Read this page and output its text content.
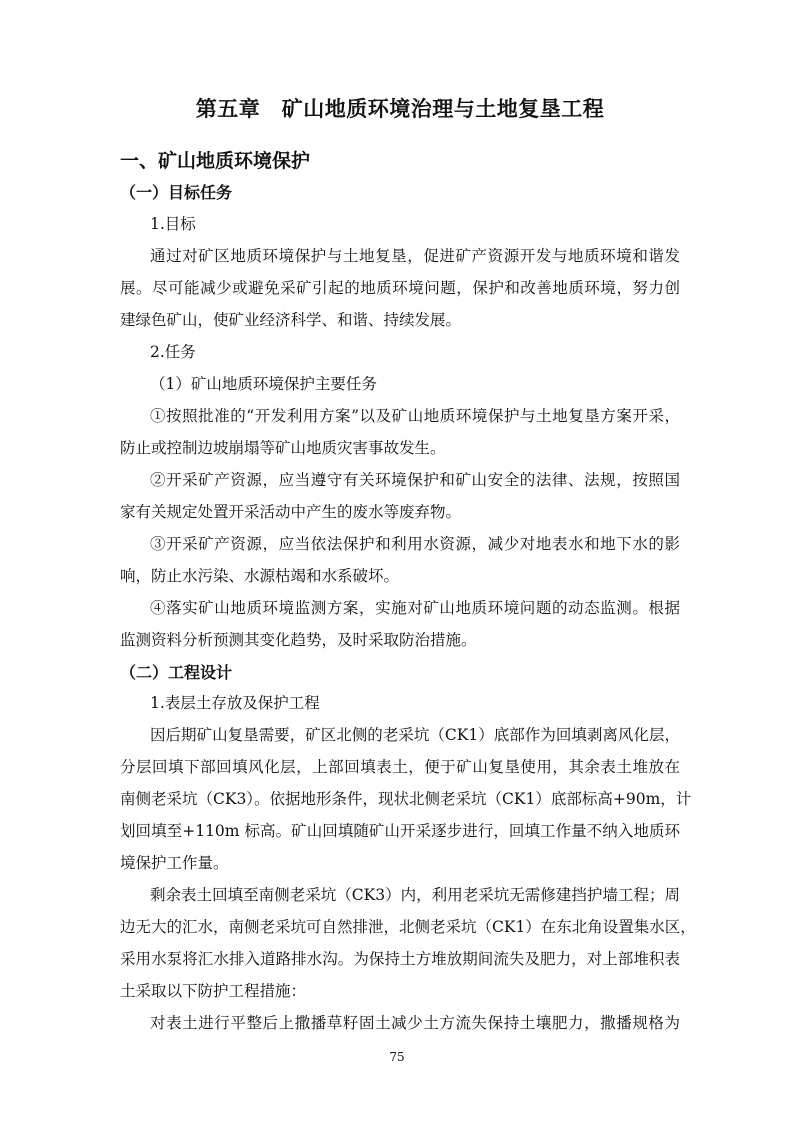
第五章　矿山地质环境治理与土地复垦工程
一、矿山地质环境保护
（一）目标任务
1.目标
通过对矿区地质环境保护与土地复垦，促进矿产资源开发与地质环境和谐发
展。尽可能减少或避免采矿引起的地质环境问题，保护和改善地质环境，努力创
建绿色矿山，使矿业经济科学、和谐、持续发展。
2.任务
（1）矿山地质环境保护主要任务
①按照批准的“开发利用方案”以及矿山地质环境保护与土地复垦方案开采，
防止或控制边坡崩塌等矿山地质灾害事故发生。
②开采矿产资源，应当遵守有关环境保护和矿山安全的法律、法规，按照国
家有关规定处置开采活动中产生的废水等废弃物。
③开采矿产资源，应当依法保护和利用水资源，减少对地表水和地下水的影
响，防止水污染、水源枯竭和水系破坏。
④落实矿山地质环境监测方案，实施对矿山地质环境问题的动态监测。根据
监测资料分析预测其变化趋势，及时采取防治措施。
（二）工程设计
1.表层土存放及保护工程
因后期矿山复垦需要，矿区北侧的老采坑（CK1）底部作为回填剥离风化层，
分层回填下部回填风化层，上部回填表土，便于矿山复垦使用，其余表土堆放在
南侧老采坑（CK3）。依据地形条件，现状北侧老采坑（CK1）底部标高+90m，计
划回填至+110m 标高。矿山回填随矿山开采逐步进行，回填工作量不纳入地质环
境保护工作量。
剩余表土回填至南侧老采坑（CK3）内，利用老采坑无需修建挡护墙工程；周
边无大的汇水，南侧老采坑可自然排泄，北侧老采坑（CK1）在东北角设置集水区，
采用水泵将汇水排入道路排水沟。为保持土方堆放期间流失及肥力，对上部堆积表
土采取以下防护工程措施：
对表土进行平整后上撒播草籽固土减少土方流失保持土壤肥力，撒播规格为
75
